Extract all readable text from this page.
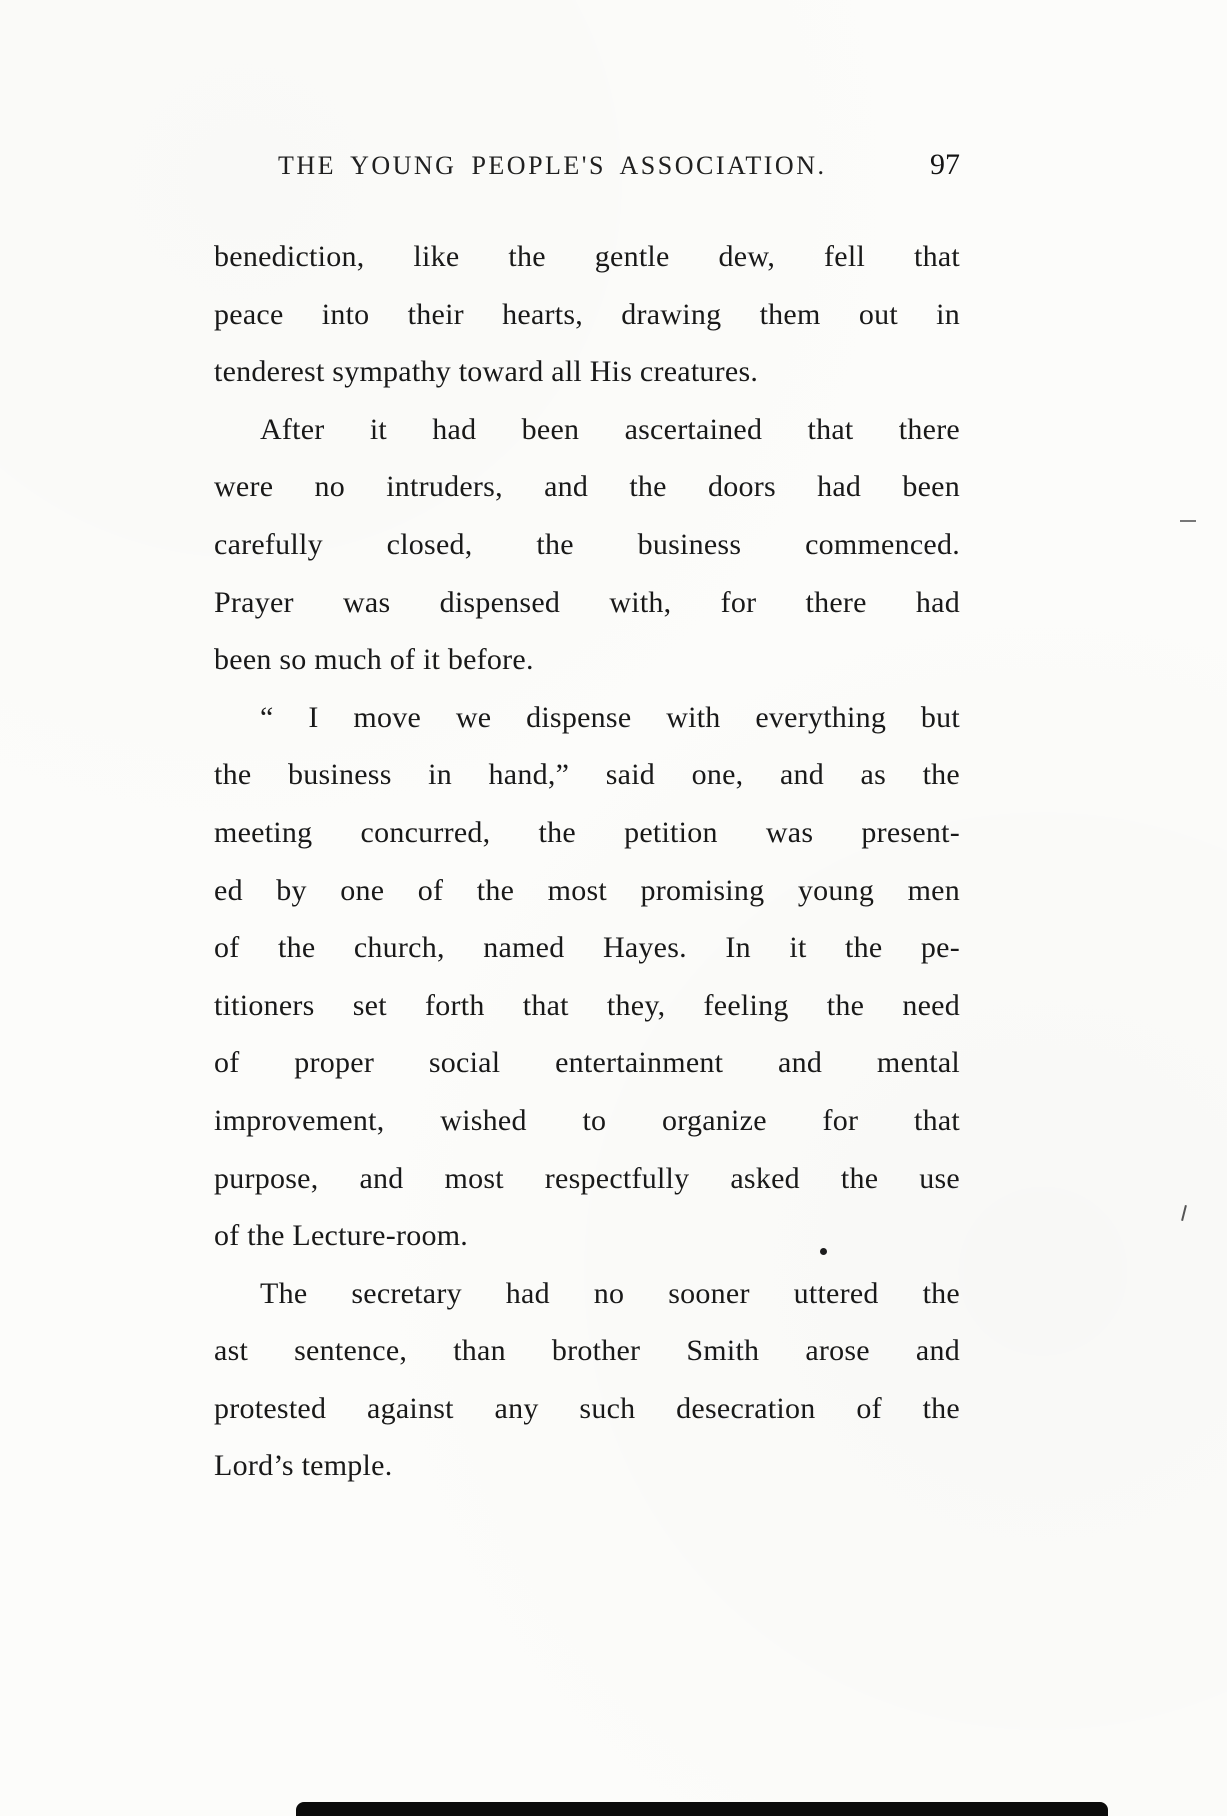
THE YOUNG PEOPLE'S ASSOCIATION.	97
benediction, like the gentle dew, fell that
peace into their hearts, drawing them out in
tenderest sympathy toward all His creatures.
After it had been ascertained that there
were no intruders, and the doors had been
carefully closed, the business commenced.
Prayer was dispensed with, for there had
been so much of it before.
“ I move we dispense with everything but
the business in hand,” said one, and as the
meeting concurred, the petition was present-
ed by one of the most promising young men
of the church, named Hayes. In it the pe-
titioners set forth that they, feeling the need
of proper social entertainment and mental
improvement, wished to organize for that
purpose, and most respectfully asked the use
of the Lecture-room.
The secretary had no sooner uttered the
ast sentence, than brother Smith arose and
protested against any such desecration of the
Lord’s temple.
